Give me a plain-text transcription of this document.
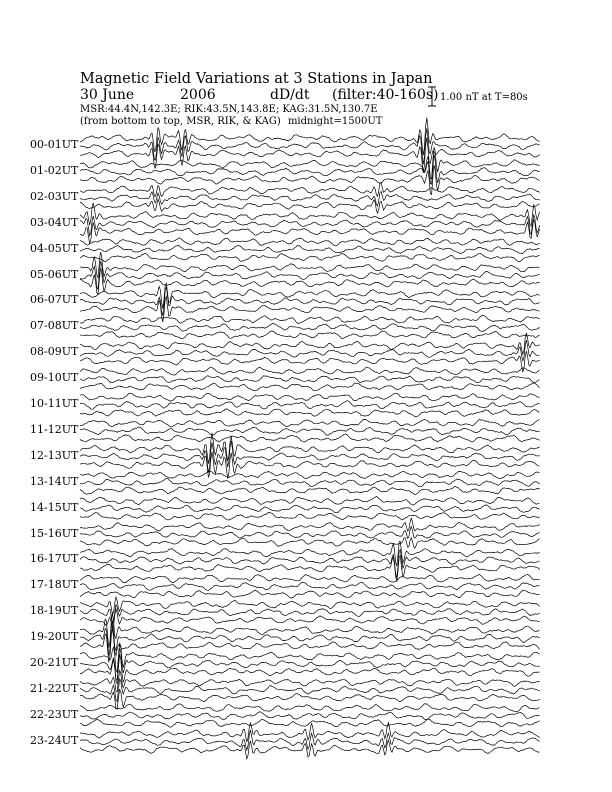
Magnetic Field Variations at 3 Stations in Japan
30 June	2006	dD/dt (filter:40-160s)
MSR:44.4N,142.3E; RIK:43.5N,143.8E; KAG:31.5N,130.7E
(from bottom to top, MSR, RIK, & KAG) midnight=1500UT
1.00 nT at T=80s
00-01UT
01-02UT
02-03UT
03-04UT
04-05UT
05-06UT
06-07UT
07-08UT
08-09UT
09-10UT
10-11UT
11-12UT
12-13UT
13-14UT
14-15UT
15-16UT
16-17UT
17-18UT
18-19UT
19-20UT
20-21UT
21-22UT
22-23UT
23-24UT
